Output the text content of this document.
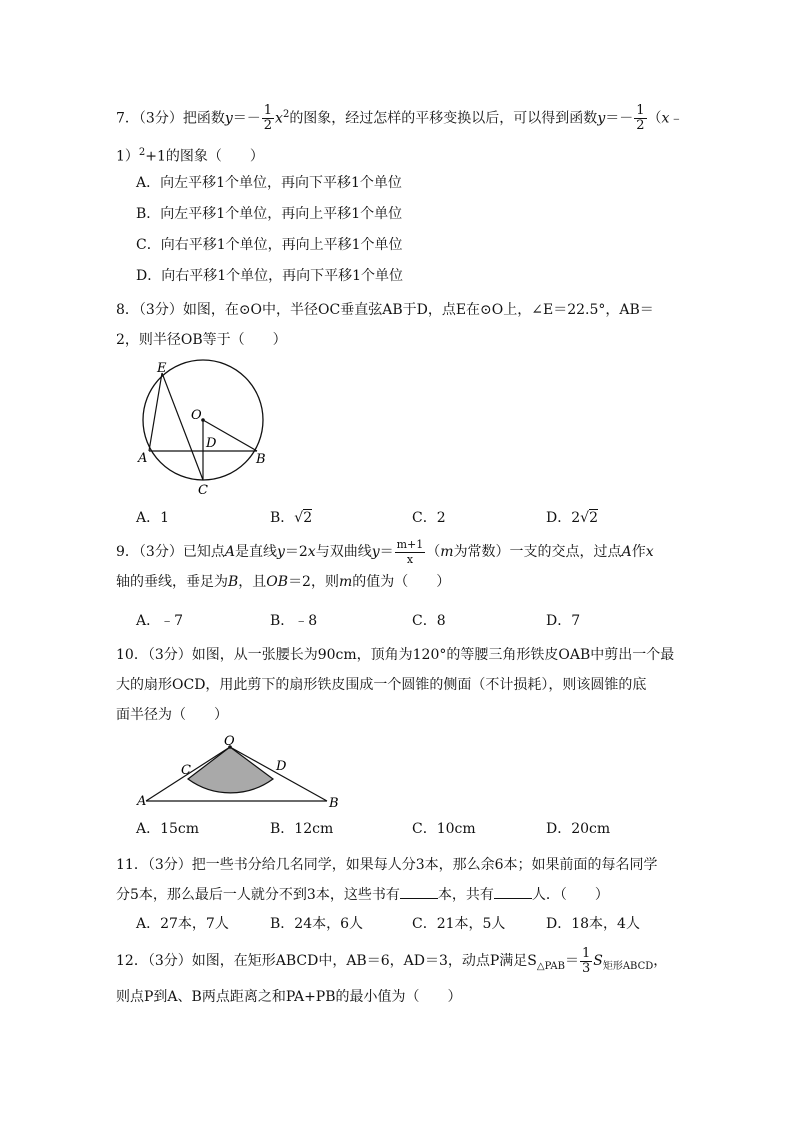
7．（3分）把函数$y=- \frac{1}{2} x^2$的图象，经过怎样的平移变换以后，可以得到函数$y=- \frac{1}{2}$ （x﹣
1）$^2$+1的图象（　　）
A．向左平移1个单位，再向下平移1个单位
B．向左平移1个单位，再向上平移1个单位
C．向右平移1个单位，再向上平移1个单位
D．向右平移1个单位，再向下平移1个单位
8．（3分）如图，在⊙O中，半径OC垂直弦AB于D，点E在⊙O上，∠E＝22.5°，AB＝
2，则半径OB等于（　　）
E
O
D
A	B
C
A．1	B．√2	C．2	D．2√2
9．（3分）已知点A是直线y＝2x与双曲线$y= \frac{m+1}{x} (m$为常数）一支的交点，过点A作x
轴的垂线，垂足为B，且OB＝2，则m的值为（　　）
A．﹣7	B．﹣8	C．8	D．7
10．（3分）如图，从一张腰长为90cm，顶角为120°的等腰三角形铁皮OAB中剪出一个最
大的扇形OCD，用此剪下的扇形铁皮围成一个圆锥的侧面（不计损耗），则该圆锥的底
面半径为（　　）
O
C	D
A	B
A．15cm	B．12cm	C．10cm	D．20cm
11．（3分）把一些书分给几名同学，如果每人分3本，那么余6本；如果前面的每名同学
分5本，那么最后一人就分不到3本，这些书有	本，共有	人．（　　）
A．27本，7人	B．24本，6人	C．21本，5人	D．18本，4人
12．（3分）如图，在矩形ABCD中，AB＝6，AD＝3，动点P满足$S_{\triangle PAB}= \frac{1}{3} S_{矩形ABCD}$，
则点P到A、B两点距离之和PA+PB的最小值为（　　）
